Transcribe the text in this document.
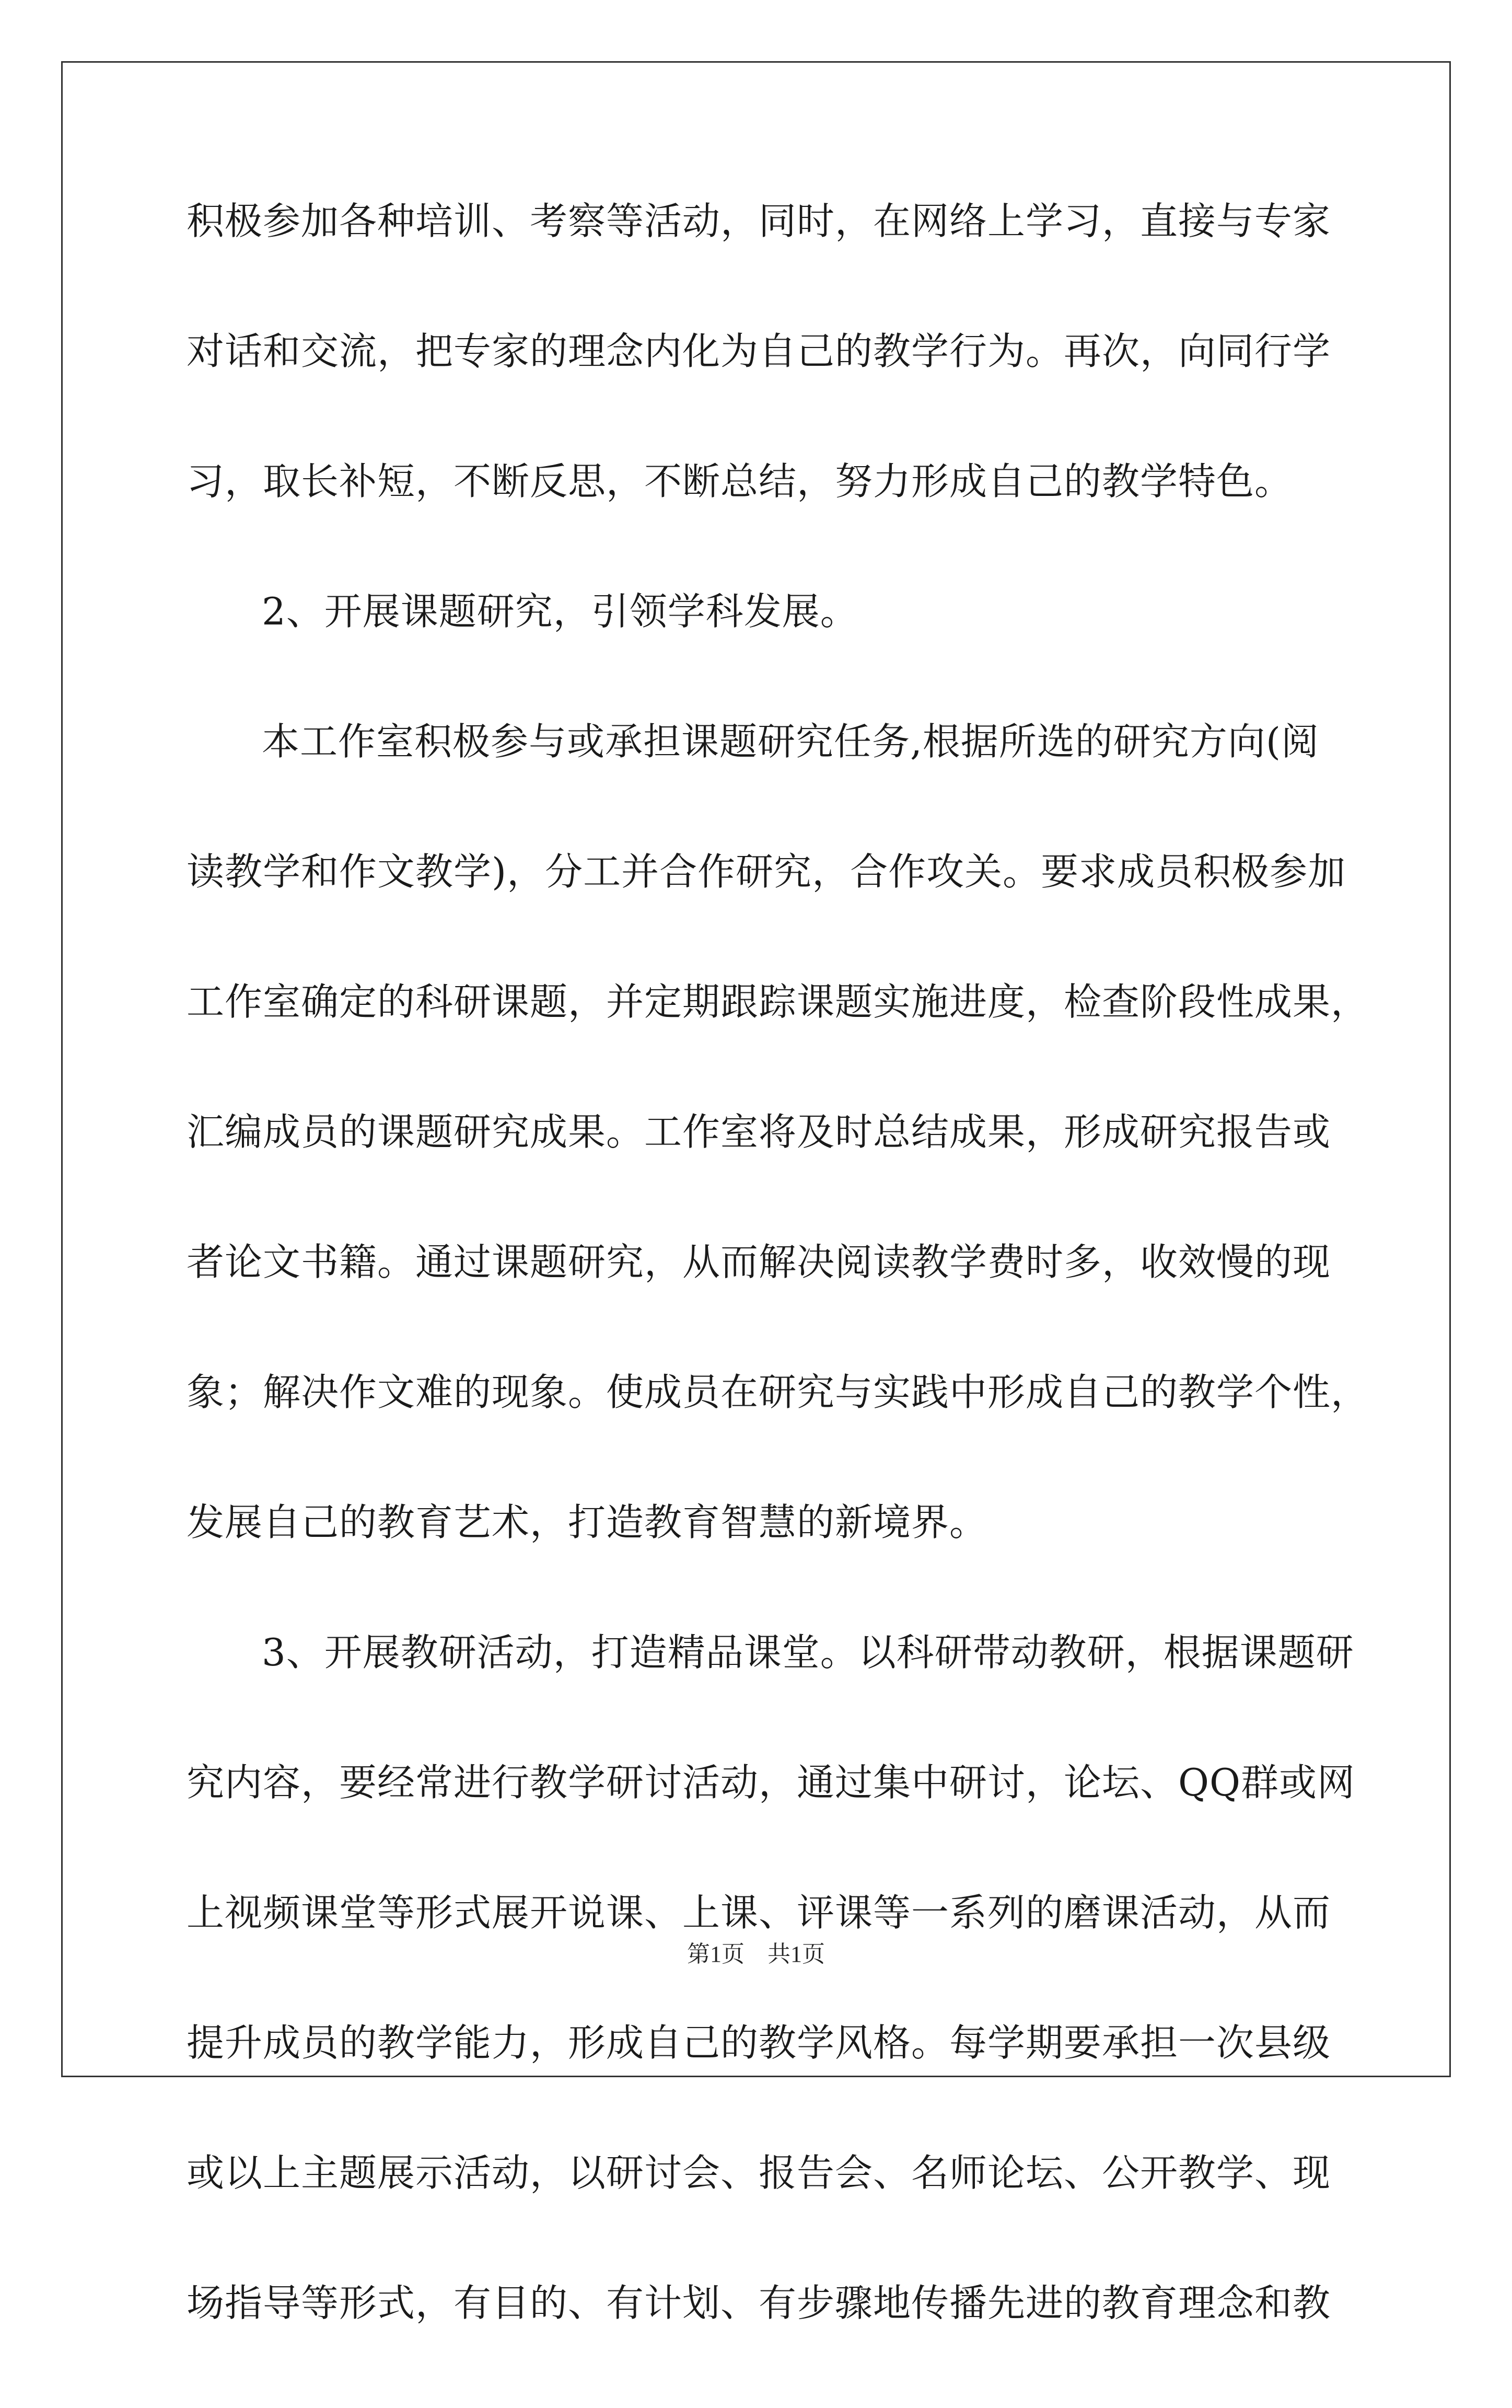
积极参加各种培训、考察等活动，同时，在网络上学习，直接与专家
对话和交流，把专家的理念内化为自己的教学行为。再次，向同行学
习，取长补短，不断反思，不断总结，努力形成自己的教学特色。
2、开展课题研究，引领学科发展。
本工作室积极参与或承担课题研究任务,根据所选的研究方向(阅
读教学和作文教学)，分工并合作研究，合作攻关。要求成员积极参加
工作室确定的科研课题，并定期跟踪课题实施进度，检查阶段性成果，
汇编成员的课题研究成果。工作室将及时总结成果，形成研究报告或
者论文书籍。通过课题研究，从而解决阅读教学费时多，收效慢的现
象；解决作文难的现象。使成员在研究与实践中形成自己的教学个性，
发展自己的教育艺术，打造教育智慧的新境界。
3、开展教研活动，打造精品课堂。以科研带动教研，根据课题研
究内容，要经常进行教学研讨活动，通过集中研讨，论坛、QQ群或网
上视频课堂等形式展开说课、上课、评课等一系列的磨课活动，从而
提升成员的教学能力，形成自己的教学风格。每学期要承担一次县级
或以上主题展示活动，以研讨会、报告会、名师论坛、公开教学、现
场指导等形式，有目的、有计划、有步骤地传播先进的教育理念和教
第1页 共1页
